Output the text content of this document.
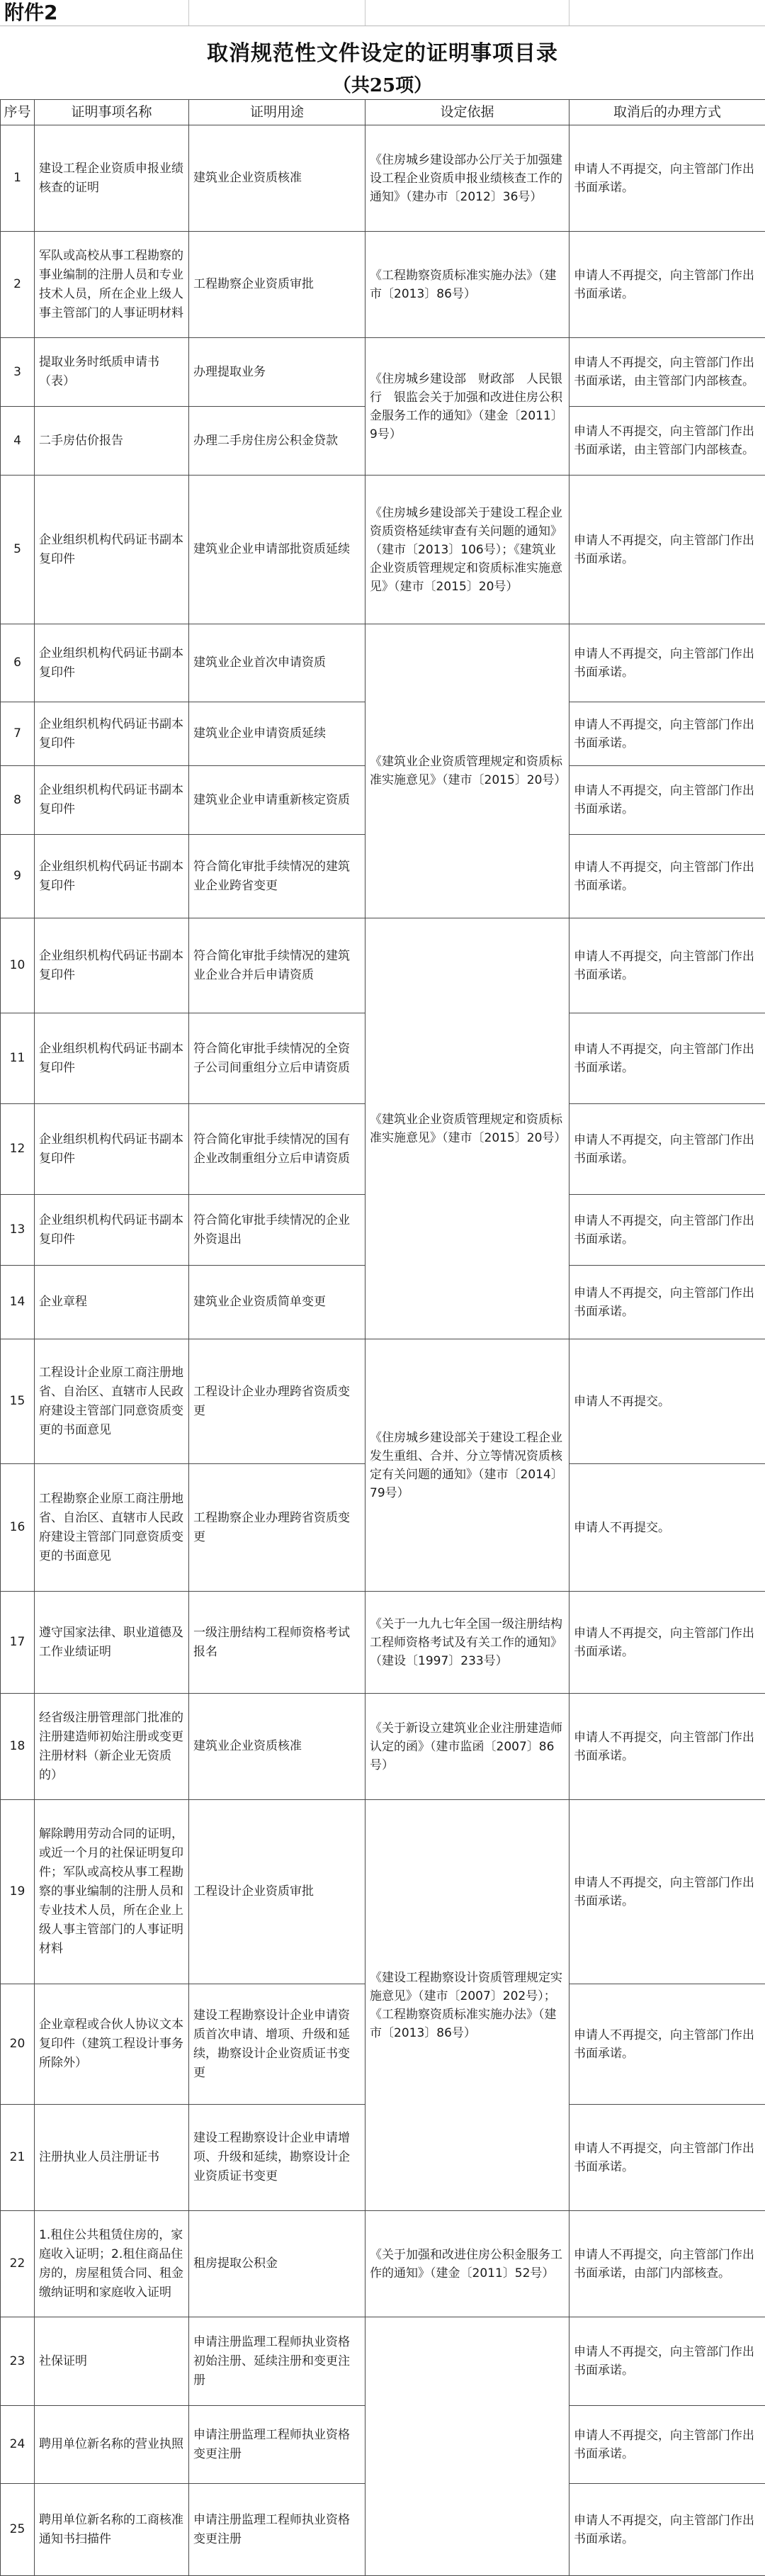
附件2
取消规范性文件设定的证明事项目录
（共25项）
序号	证明事项名称	证明用途	设定依据	取消后的办理方式
1	建设工程企业资质申报业绩核查的证明	建筑业企业资质核准	《住房城乡建设部办公厅关于加强建设工程企业资质申报业绩核查工作的通知》（建办市〔2012〕36号）	申请人不再提交，向主管部门作出书面承诺。
2	军队或高校从事工程勘察的事业编制的注册人员和专业技术人员，所在企业上级人事主管部门的人事证明材料	工程勘察企业资质审批	《工程勘察资质标准实施办法》（建市〔2013〕86号）	申请人不再提交，向主管部门作出书面承诺。
3	提取业务时纸质申请书（表）	办理提取业务	《住房城乡建设部　财政部　人民银行　银监会关于加强和改进住房公积金服务工作的通知》（建金〔2011〕9号）	申请人不再提交，向主管部门作出书面承诺，由主管部门内部核查。
4	二手房估价报告	办理二手房住房公积金贷款		申请人不再提交，向主管部门作出书面承诺，由主管部门内部核查。
5	企业组织机构代码证书副本复印件	建筑业企业申请部批资质延续	《住房城乡建设部关于建设工程企业资质资格延续审查有关问题的通知》（建市〔2013〕106号）；《建筑业企业资质管理规定和资质标准实施意见》（建市〔2015〕20号）	申请人不再提交，向主管部门作出书面承诺。
6	企业组织机构代码证书副本复印件	建筑业企业首次申请资质	《建筑业企业资质管理规定和资质标准实施意见》（建市〔2015〕20号）	申请人不再提交，向主管部门作出书面承诺。
7	企业组织机构代码证书副本复印件	建筑业企业申请资质延续		申请人不再提交，向主管部门作出书面承诺。
8	企业组织机构代码证书副本复印件	建筑业企业申请重新核定资质		申请人不再提交，向主管部门作出书面承诺。
9	企业组织机构代码证书副本复印件	符合简化审批手续情况的建筑业企业跨省变更		申请人不再提交，向主管部门作出书面承诺。
10	企业组织机构代码证书副本复印件	符合简化审批手续情况的建筑业企业合并后申请资质	《建筑业企业资质管理规定和资质标准实施意见》（建市〔2015〕20号）	申请人不再提交，向主管部门作出书面承诺。
11	企业组织机构代码证书副本复印件	符合简化审批手续情况的全资子公司间重组分立后申请资质		申请人不再提交，向主管部门作出书面承诺。
12	企业组织机构代码证书副本复印件	符合简化审批手续情况的国有企业改制重组分立后申请资质		申请人不再提交，向主管部门作出书面承诺。
13	企业组织机构代码证书副本复印件	符合简化审批手续情况的企业外资退出		申请人不再提交，向主管部门作出书面承诺。
14	企业章程	建筑业企业资质简单变更		申请人不再提交，向主管部门作出书面承诺。
15	工程设计企业原工商注册地省、自治区、直辖市人民政府建设主管部门同意资质变更的书面意见	工程设计企业办理跨省资质变更	《住房城乡建设部关于建设工程企业发生重组、合并、分立等情况资质核定有关问题的通知》（建市〔2014〕79号）	申请人不再提交。
16	工程勘察企业原工商注册地省、自治区、直辖市人民政府建设主管部门同意资质变更的书面意见	工程勘察企业办理跨省资质变更		申请人不再提交。
17	遵守国家法律、职业道德及工作业绩证明	一级注册结构工程师资格考试报名	《关于一九九七年全国一级注册结构工程师资格考试及有关工作的通知》（建设〔1997〕233号）	申请人不再提交，向主管部门作出书面承诺。
18	经省级注册管理部门批准的注册建造师初始注册或变更注册材料（新企业无资质的）	建筑业企业资质核准	《关于新设立建筑业企业注册建造师认定的函》（建市监函〔2007〕86号）	申请人不再提交，向主管部门作出书面承诺。
19	解除聘用劳动合同的证明，或近一个月的社保证明复印件；军队或高校从事工程勘察的事业编制的注册人员和专业技术人员，所在企业上级人事主管部门的人事证明材料	工程设计企业资质审批	《建设工程勘察设计资质管理规定实施意见》（建市〔2007〕202号）；《工程勘察资质标准实施办法》（建市〔2013〕86号）	申请人不再提交，向主管部门作出书面承诺。
20	企业章程或合伙人协议文本复印件（建筑工程设计事务所除外）	建设工程勘察设计企业申请资质首次申请、增项、升级和延续，勘察设计企业资质证书变更		申请人不再提交，向主管部门作出书面承诺。
21	注册执业人员注册证书	建设工程勘察设计企业申请增项、升级和延续，勘察设计企业资质证书变更		申请人不再提交，向主管部门作出书面承诺。
22	1.租住公共租赁住房的，家庭收入证明；2.租住商品住房的，房屋租赁合同、租金缴纳证明和家庭收入证明	租房提取公积金	《关于加强和改进住房公积金服务工作的通知》（建金〔2011〕52号）	申请人不再提交，向主管部门作出书面承诺，由部门内部核查。
23	社保证明	申请注册监理工程师执业资格初始注册、延续注册和变更注册		申请人不再提交，向主管部门作出书面承诺。
24	聘用单位新名称的营业执照	申请注册监理工程师执业资格变更注册		申请人不再提交，向主管部门作出书面承诺。
25	聘用单位新名称的工商核准通知书扫描件	申请注册监理工程师执业资格变更注册		申请人不再提交，向主管部门作出书面承诺。
